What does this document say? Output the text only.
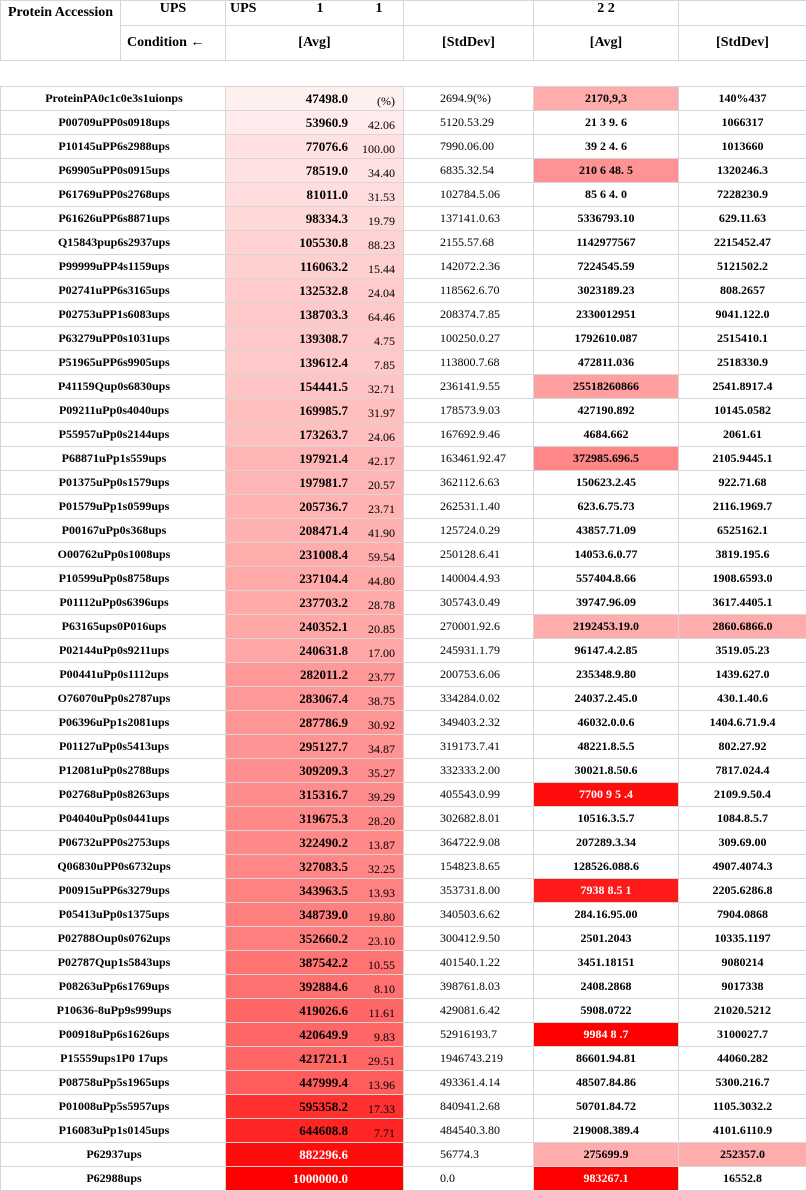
Protein Accession	UPS	UPS 1 1		2 2	
	Condition ←	[Avg]	[StdDev]	[Avg]	[StdDev]

ProteinPA0c1c0e3s1uionps		47498.0 (%)	2694.9(%)	2170,9,3	140%437
P00709uPP0s0918ups		53960.9 42.06	5120.53.29	21 3 9. 6	1066317
P10145uPP6s2988ups		77076.6 100.00	7990.06.00	39 2 4. 6	1013660
P69905uPP0s0915ups		78519.0 34.40	6835.32.54	210 6 48. 5	1320246.3
P61769uPP0s2768ups		81011.0 31.53	102784.5.06	85 6 4. 0	7228230.9
P61626uPP6s8871ups		98334.3 19.79	137141.0.63	5336793.10	629.11.63
Q15843pup6s2937ups		105530.8 88.23	2155.57.68	1142977567	2215452.47
P99999uPP4s1159ups		116063.2 15.44	142072.2.36	7224545.59	5121502.2
P02741uPP6s3165ups		132532.8 24.04	118562.6.70	3023189.23	808.2657
P02753uPP1s6083ups		138703.3 64.46	208374.7.85	2330012951	9041.122.0
P63279uPP0s1031ups		139308.7 4.75	100250.0.27	1792610.087	2515410.1
P51965uPP6s9905ups		139612.4 7.85	113800.7.68	472811.036	2518330.9
P41159Qup0s6830ups		154441.5 32.71	236141.9.55	25518260866	2541.8917.4
P09211uPp0s4040ups		169985.7 31.97	178573.9.03	427190.892	10145.0582
P55957uPp0s2144ups		173263.7 24.06	167692.9.46	4684.662	2061.61
P68871uPp1s559ups		197921.4 42.17	163461.92.47	372985.696.5	2105.9445.1
P01375uPp0s1579ups		197981.7 20.57	362112.6.63	150623.2.45	922.71.68
P01579uPp1s0599ups		205736.7 23.71	262531.1.40	623.6.75.73	2116.1969.7
P00167uPp0s368ups		208471.4 41.90	125724.0.29	43857.71.09	6525162.1
O00762uPp0s1008ups		231008.4 59.54	250128.6.41	14053.6.0.77	3819.195.6
P10599uPp0s8758ups		237104.4 44.80	140004.4.93	557404.8.66	1908.6593.0
P01112uPp0s6396ups		237703.2 28.78	305743.0.49	39747.96.09	3617.4405.1
P63165ups0P016ups		240352.1 20.85	270001.92.6	2192453.19.0	2860.6866.0
P02144uPp0s9211ups		240631.8 17.00	245931.1.79	96147.4.2.85	3519.05.23
P00441uPp0s1112ups		282011.2 23.77	200753.6.06	235348.9.80	1439.627.0
O76070uPp0s2787ups		283067.4 38.75	334284.0.02	24037.2.45.0	430.1.40.6
P06396uPp1s2081ups		287786.9 30.92	349403.2.32	46032.0.0.6	1404.6.71.9.4
P01127uPp0s5413ups		295127.7 34.87	319173.7.41	48221.8.5.5	802.27.92
P12081uPp0s2788ups		309209.3 35.27	332333.2.00	30021.8.50.6	7817.024.4
P02768uPp0s8263ups		315316.7 39.29	405543.0.99	7700 9 5 .4	2109.9.50.4
P04040uPp0s0441ups		319675.3 28.20	302682.8.01	10516.3.5.7	1084.8.5.7
P06732uPP0s2753ups		322490.2 13.87	364722.9.08	207289.3.34	309.69.00
Q06830uPP0s6732ups		327083.5 32.25	154823.8.65	128526.088.6	4907.4074.3
P00915uPP6s3279ups		343963.5 13.93	353731.8.00	7938 8.5 1	2205.6286.8
P05413uPp0s1375ups		348739.0 19.80	340503.6.62	284.16.95.00	7904.0868
P02788Oup0s0762ups		352660.2 23.10	300412.9.50	2501.2043	10335.1197
P02787Qup1s5843ups		387542.2 10.55	401540.1.22	3451.18151	9080214
P08263uPp6s1769ups		392884.6 8.10	398761.8.03	2408.2868	9017338
P10636-8uPp9s999ups		419026.6 11.61	429081.6.42	5908.0722	21020.5212
P00918uPp6s1626ups		420649.9 9.83	52916193.7	9984 8 .7	3100027.7
P15559ups1P0 17ups		421721.1 29.51	1946743.219	86601.94.81	44060.282
P08758uPp5s1965ups		447999.4 13.96	493361.4.14	48507.84.86	5300.216.7
P01008uPp5s5957ups		595358.2 17.33	840941.2.68	50701.84.72	1105.3032.2
P16083uPp1s0145ups		644608.8 7.71	484540.3.80	219008.389.4	4101.6110.9
P62937ups		882296.6	56774.3	275699.9	252357.0
P62988ups		1000000.0	0.0	983267.1	16552.8
